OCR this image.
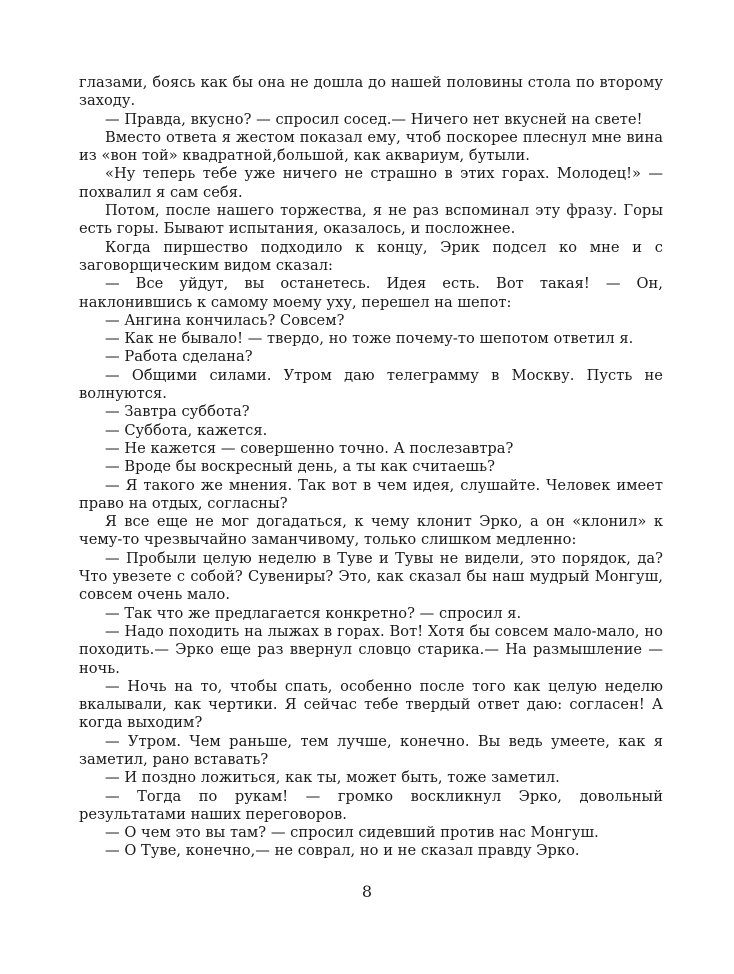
глазами, боясь как бы она не дошла до нашей половины стола по второму заходу.

— Правда, вкусно? — спросил сосед.— Ничего нет вкусней на свете!

Вместо ответа я жестом показал ему, чтоб поскорее плеснул мне вина из «вон той» квадратной,большой, как аквариум, бутыли.

«Ну теперь тебе уже ничего не страшно в этих горах. Молодец!» — похвалил я сам себя.

Потом, после нашего торжества, я не раз вспоминал эту фразу. Горы есть горы. Бывают испытания, оказалось, и посложнее.

Когда пиршество подходило к концу, Эрик подсел ко мне и с заговорщическим видом сказал:

— Все уйдут, вы останетесь. Идея есть. Вот такая! — Он, наклонившись к самому моему уху, перешел на шепот:

— Ангина кончилась? Совсем?

— Как не бывало! — твердо, но тоже почему-то шепотом ответил я.

— Работа сделана?

— Общими силами. Утром даю телеграмму в Москву. Пусть не волнуются.

— Завтра суббота?

— Суббота, кажется.

— Не кажется — совершенно точно. А послезавтра?

— Вроде бы воскресный день, а ты как считаешь?

— Я такого же мнения. Так вот в чем идея, слушайте. Человек имеет право на отдых, согласны?

Я все еще не мог догадаться, к чему клонит Эрко, а он «клонил» к чему-то чрезвычайно заманчивому, только слишком медленно:

— Пробыли целую неделю в Туве и Тувы не видели, это порядок, да? Что увезете с собой? Сувениры? Это, как сказал бы наш мудрый Монгуш, совсем очень мало.

— Так что же предлагается конкретно? — спросил я.

— Надо походить на лыжах в горах. Вот! Хотя бы совсем мало-мало, но походить.— Эрко еще раз ввернул словцо старика.— На размышление — ночь.

— Ночь на то, чтобы спать, особенно после того как целую неделю вкалывали, как чертики. Я сейчас тебе твердый ответ даю: согласен! А когда выходим?

— Утром. Чем раньше, тем лучше, конечно. Вы ведь умеете, как я заметил, рано вставать?

— И поздно ложиться, как ты, может быть, тоже заметил.

— Тогда по рукам! — громко воскликнул Эрко, довольный результатами наших переговоров.

— О чем это вы там? — спросил сидевший против нас Монгуш.

— О Туве, конечно,— не соврал, но и не сказал правду Эрко.

8
